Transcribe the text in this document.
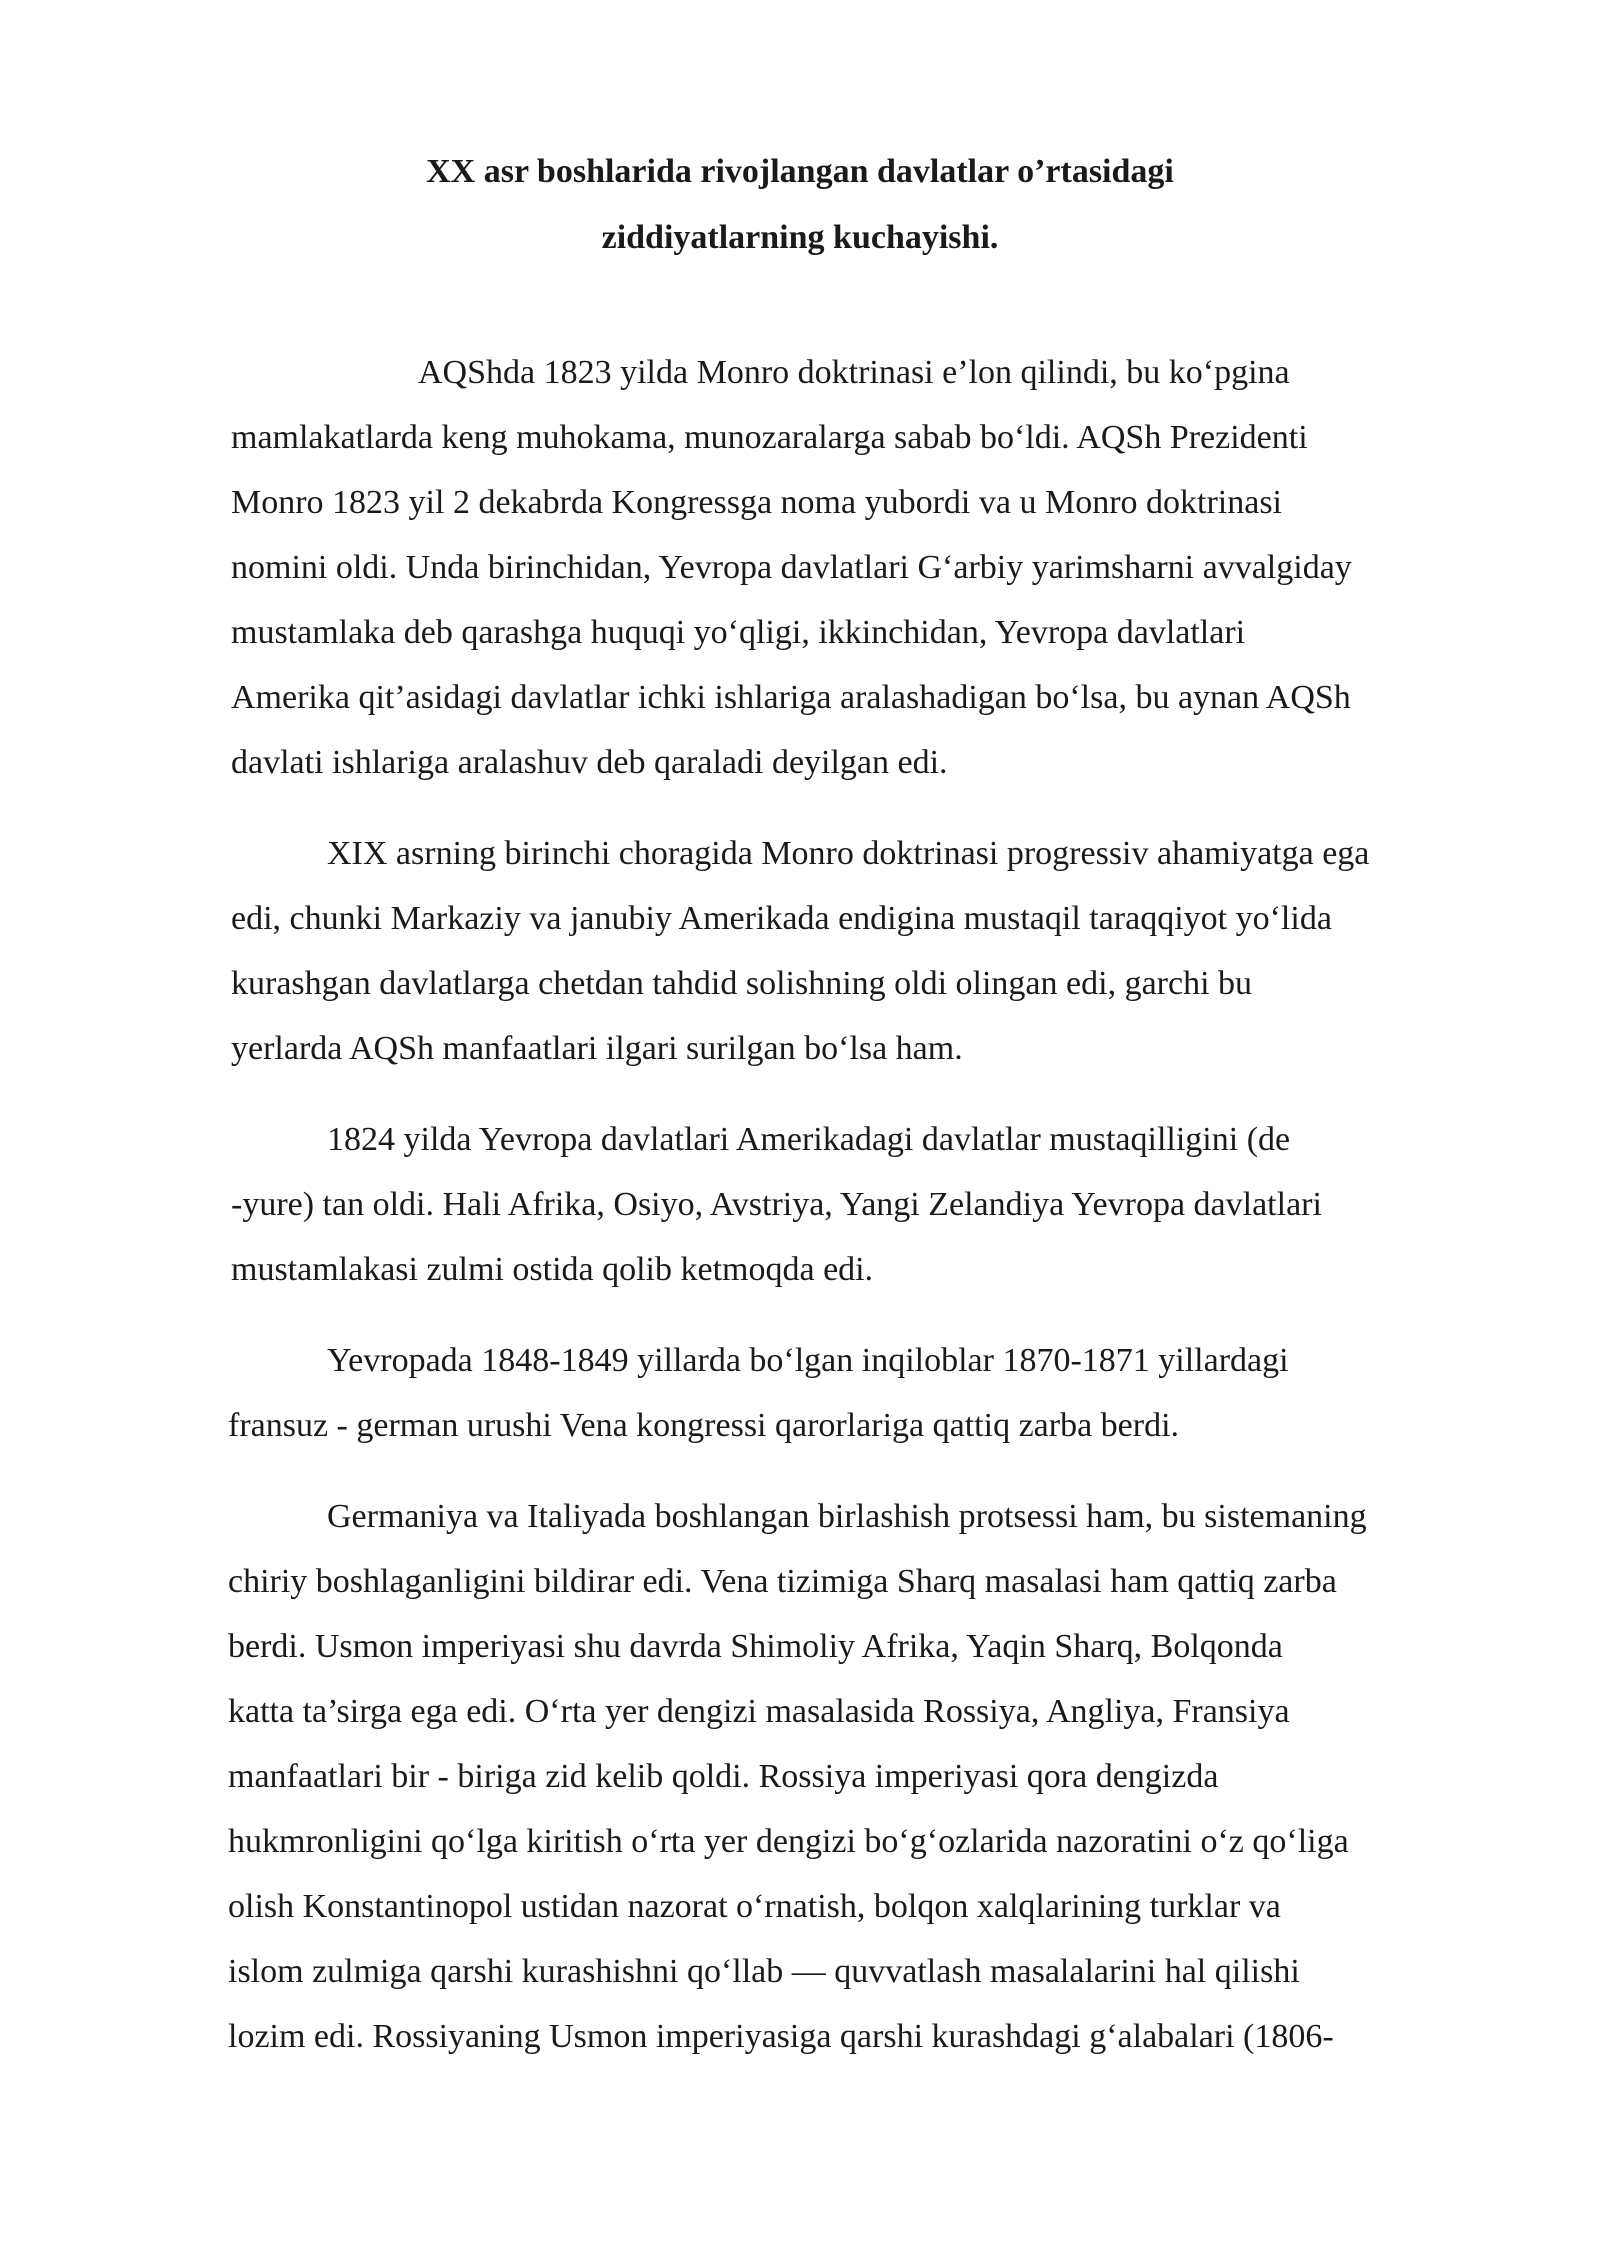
XX asr boshlarida rivojlangan davlatlar o’rtasidagi
ziddiyatlarning kuchayishi.
AQShda 1823 yilda Monro doktrinasi e’lon qilindi, bu ko‘pgina
mamlakatlarda keng muhokama, munozaralarga sabab bo‘ldi. AQSh Prezidenti
Monro 1823 yil 2 dekabrda Kongressga noma yubordi va u Monro doktrinasi
nomini oldi. Unda birinchidan, Yevropa davlatlari G‘arbiy yarimsharni avvalgiday
mustamlaka deb qarashga huquqi yo‘qligi, ikkinchidan, Yevropa davlatlari
Amerika qit’asidagi davlatlar ichki ishlariga aralashadigan bo‘lsa, bu aynan AQSh
davlati ishlariga aralashuv deb qaraladi deyilgan edi.
XIX asrning birinchi choragida Monro doktrinasi progressiv ahamiyatga ega
edi, chunki Markaziy va janubiy Amerikada endigina mustaqil taraqqiyot yo‘lida
kurashgan davlatlarga chetdan tahdid solishning oldi olingan edi, garchi bu
yerlarda AQSh manfaatlari ilgari surilgan bo‘lsa ham.
1824 yilda Yevropa davlatlari Amerikadagi davlatlar mustaqilligini (de
-yure) tan oldi. Hali Afrika, Osiyo, Avstriya, Yangi Zelandiya Yevropa davlatlari
mustamlakasi zulmi ostida qolib ketmoqda edi.
Yevropada 1848-1849 yillarda bo‘lgan inqiloblar 1870-1871 yillardagi
fransuz - german urushi Vena kongressi qarorlariga qattiq zarba berdi.
Germaniya va Italiyada boshlangan birlashish protsessi ham, bu sistemaning
chiriy boshlaganligini bildirar edi. Vena tizimiga Sharq masalasi ham qattiq zarba
berdi. Usmon imperiyasi shu davrda Shimoliy Afrika, Yaqin Sharq, Bolqonda
katta ta’sirga ega edi. O‘rta yer dengizi masalasida Rossiya, Angliya, Fransiya
manfaatlari bir - biriga zid kelib qoldi. Rossiya imperiyasi qora dengizda
hukmronligini qo‘lga kiritish o‘rta yer dengizi bo‘g‘ozlarida nazoratini o‘z qo‘liga
olish Konstantinopol ustidan nazorat o‘rnatish, bolqon xalqlarining turklar va
islom zulmiga qarshi kurashishni qo‘llab — quvvatlash masalalarini hal qilishi
lozim edi. Rossiyaning Usmon imperiyasiga qarshi kurashdagi g‘alabalari (1806-
